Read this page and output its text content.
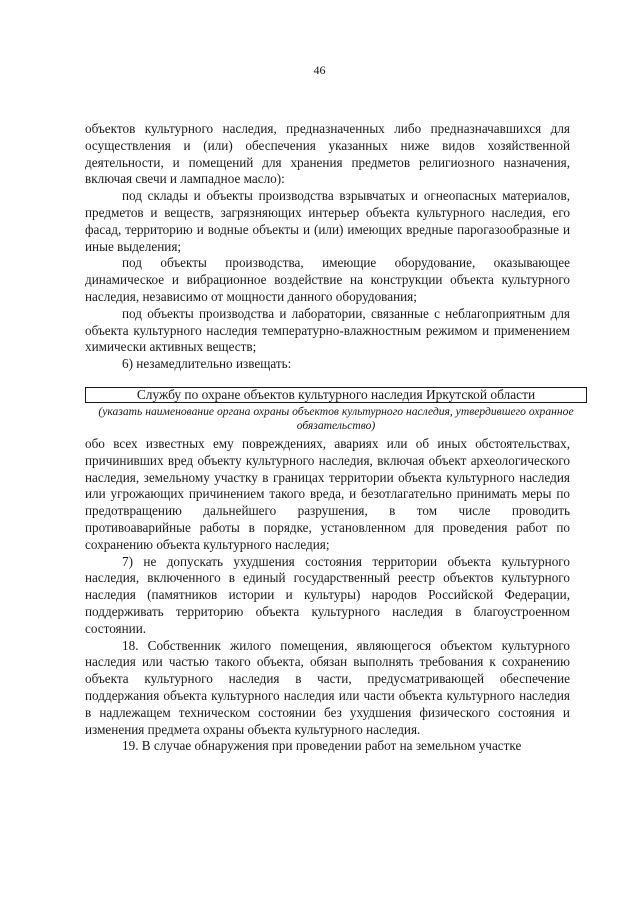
46

объектов культурного наследия, предназначенных либо предназначавшихся для осуществления и (или) обеспечения указанных ниже видов хозяйственной деятельности, и помещений для хранения предметов религиозного назначения, включая свечи и лампадное масло):

под склады и объекты производства взрывчатых и огнеопасных материалов, предметов и веществ, загрязняющих интерьер объекта культурного наследия, его фасад, территорию и водные объекты и (или) имеющих вредные парогазообразные и иные выделения;

под объекты производства, имеющие оборудование, оказывающее динамическое и вибрационное воздействие на конструкции объекта культурного наследия, независимо от мощности данного оборудования;

под объекты производства и лаборатории, связанные с неблагоприятным для объекта культурного наследия температурно-влажностным режимом и применением химически активных веществ;

6) незамедлительно извещать:

Службу по охране объектов культурного наследия Иркутской области
(указать наименование органа охраны объектов культурного наследия, утвердившего охранное обязательство)

обо всех известных ему повреждениях, авариях или об иных обстоятельствах, причинивших вред объекту культурного наследия, включая объект археологического наследия, земельному участку в границах территории объекта культурного наследия или угрожающих причинением такого вреда, и безотлагательно принимать меры по предотвращению дальнейшего разрушения, в том числе проводить противоаварийные работы в порядке, установленном для проведения работ по сохранению объекта культурного наследия;

7) не допускать ухудшения состояния территории объекта культурного наследия, включенного в единый государственный реестр объектов культурного наследия (памятников истории и культуры) народов Российской Федерации, поддерживать территорию объекта культурного наследия в благоустроенном состоянии.

18. Собственник жилого помещения, являющегося объектом культурного наследия или частью такого объекта, обязан выполнять требования к сохранению объекта культурного наследия в части, предусматривающей обеспечение поддержания объекта культурного наследия или части объекта культурного наследия в надлежащем техническом состоянии без ухудшения физического состояния и изменения предмета охраны объекта культурного наследия.

19. В случае обнаружения при проведении работ на земельном участке
